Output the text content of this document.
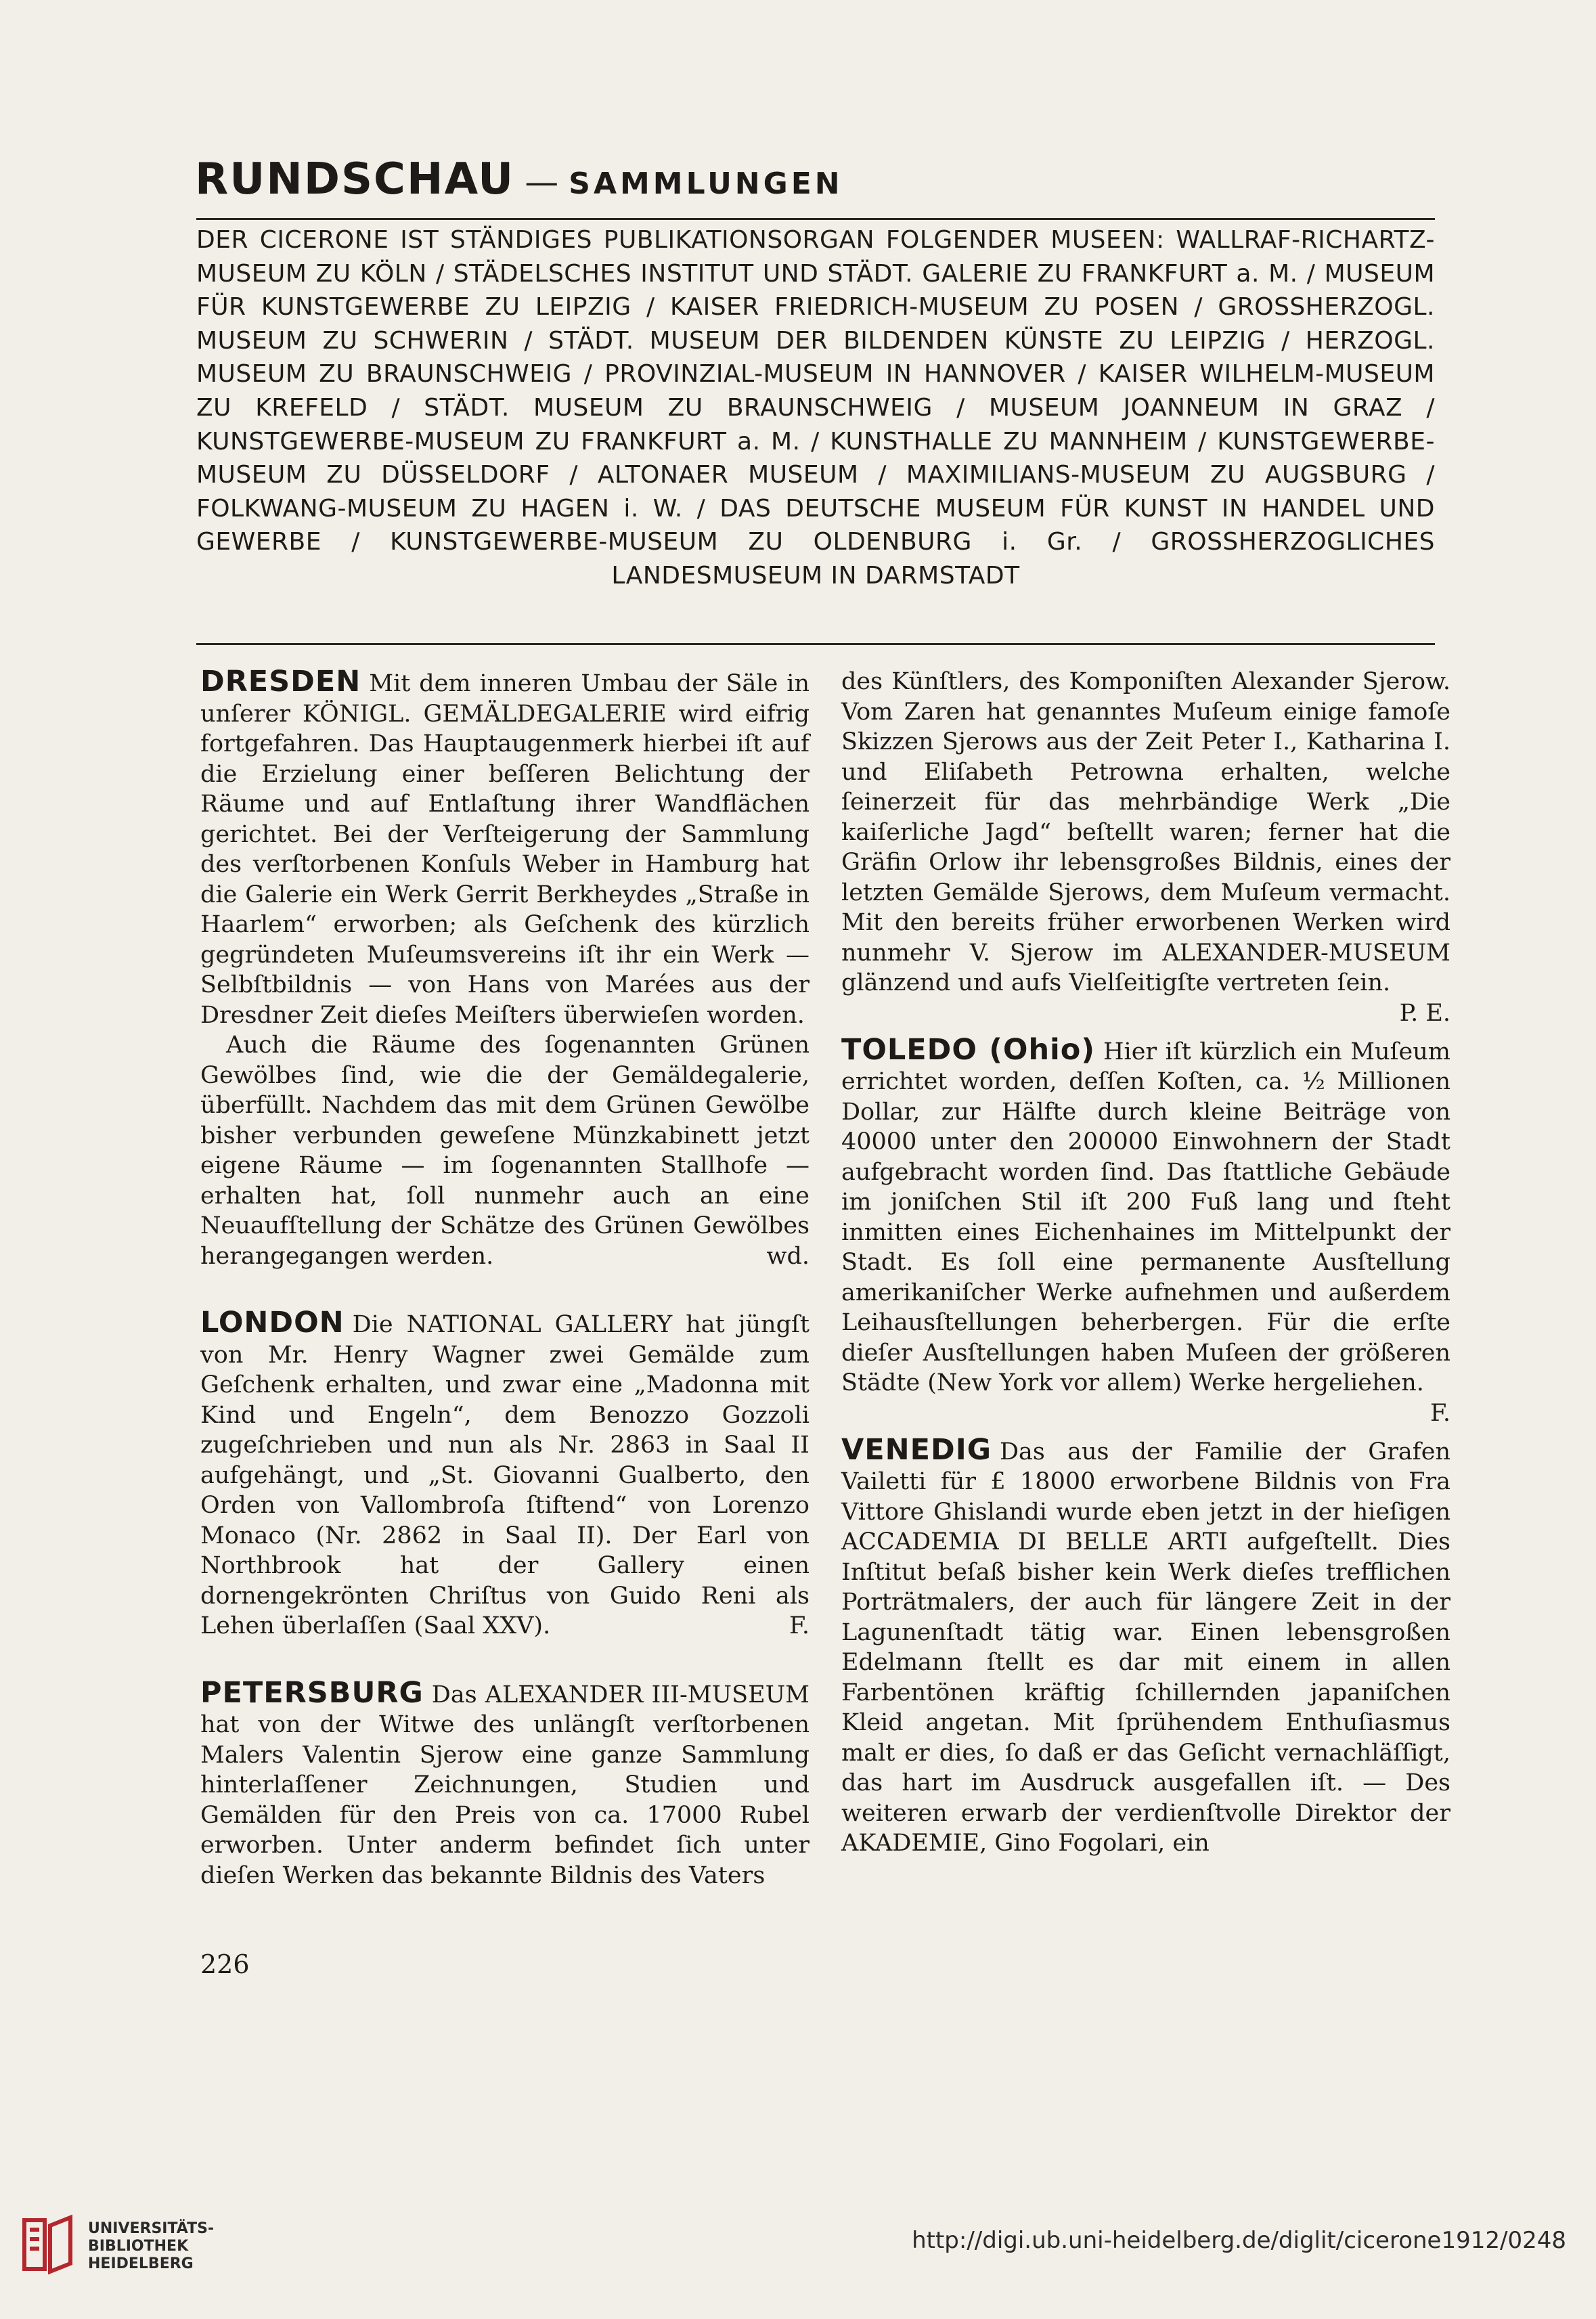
RUNDSCHAU — SAMMLUNGEN
DER CICERONE IST STÄNDIGES PUBLIKATIONSORGAN FOLGENDER MUSEEN: WALLRAF-RICHARTZ-MUSEUM ZU KÖLN / STÄDELSCHES INSTITUT UND STÄDT. GALERIE ZU FRANKFURT a. M. / MUSEUM FÜR KUNSTGEWERBE ZU LEIPZIG / KAISER FRIEDRICH-MUSEUM ZU POSEN / GROSSHERZOGL. MUSEUM ZU SCHWERIN / STÄDT. MUSEUM DER BILDENDEN KÜNSTE ZU LEIPZIG / HERZOGL. MUSEUM ZU BRAUNSCHWEIG / PROVINZIAL-MUSEUM IN HANNOVER / KAISER WILHELM-MUSEUM ZU KREFELD / STÄDT. MUSEUM ZU BRAUNSCHWEIG / MUSEUM JOANNEUM IN GRAZ / KUNSTGEWERBE-MUSEUM ZU FRANKFURT a. M. / KUNSTHALLE ZU MANNHEIM / KUNSTGEWERBE-MUSEUM ZU DÜSSELDORF / ALTONAER MUSEUM / MAXIMILIANS-MUSEUM ZU AUGSBURG / FOLKWANG-MUSEUM ZU HAGEN i. W. / DAS DEUTSCHE MUSEUM FÜR KUNST IN HANDEL UND GEWERBE / KUNSTGEWERBE-MUSEUM ZU OLDENBURG i. Gr. / GROSSHERZOGLICHES LANDESMUSEUM IN DARMSTADT

DRESDEN Mit dem inneren Umbau der Säle in unſerer KÖNIGL. GEMÄLDEGALERIE wird eifrig fortgefahren. Das Hauptaugenmerk hierbei iſt auf die Erzielung einer beſſeren Belichtung der Räume und auf Entlaſtung ihrer Wandflächen gerichtet. Bei der Verſteigerung der Sammlung des verſtorbenen Konſuls Weber in Hamburg hat die Galerie ein Werk Gerrit Berkheydes „Straße in Haarlem“ erworben; als Geſchenk des kürzlich gegründeten Muſeumsvereins iſt ihr ein Werk — Selbſtbildnis — von Hans von Marées aus der Dresdner Zeit dieſes Meiſters überwieſen worden.

Auch die Räume des ſogenannten Grünen Gewölbes ſind, wie die der Gemäldegalerie, überfüllt. Nachdem das mit dem Grünen Gewölbe bisher verbunden geweſene Münzkabinett jetzt eigene Räume — im ſogenannten Stallhofe — erhalten hat, ſoll nunmehr auch an eine Neuaufſtellung der Schätze des Grünen Gewölbes herangegangen werden.	wd.

LONDON Die NATIONAL GALLERY hat jüngſt von Mr. Henry Wagner zwei Gemälde zum Geſchenk erhalten, und zwar eine „Madonna mit Kind und Engeln“, dem Benozzo Gozzoli zugeſchrieben und nun als Nr. 2863 in Saal II aufgehängt, und „St. Giovanni Gualberto, den Orden von Vallombroſa ſtiftend“ von Lorenzo Monaco (Nr. 2862 in Saal II). Der Earl von Northbrook hat der Gallery einen dornengekrönten Chriſtus von Guido Reni als Lehen überlaſſen (Saal XXV).	F.

PETERSBURG Das ALEXANDER III-MUSEUM hat von der Witwe des unlängſt verſtorbenen Malers Valentin Sjerow eine ganze Sammlung hinterlaſſener Zeichnungen, Studien und Gemälden für den Preis von ca. 17000 Rubel erworben. Unter anderm befindet ſich unter dieſen Werken das bekannte Bildnis des Vaters

des Künſtlers, des Komponiſten Alexander Sjerow. Vom Zaren hat genanntes Muſeum einige famoſe Skizzen Sjerows aus der Zeit Peter I., Katharina I. und Eliſabeth Petrowna erhalten, welche ſeinerzeit für das mehrbändige Werk „Die kaiſerliche Jagd“ beſtellt waren; ferner hat die Gräfin Orlow ihr lebensgroßes Bildnis, eines der letzten Gemälde Sjerows, dem Muſeum vermacht. Mit den bereits früher erworbenen Werken wird nunmehr V. Sjerow im ALEXANDER-MUSEUM glänzend und aufs Vielſeitigſte vertreten ſein.
P. E.

TOLEDO (Ohio) Hier iſt kürzlich ein Muſeum errichtet worden, deſſen Koſten, ca. ½ Millionen Dollar, zur Hälfte durch kleine Beiträge von 40000 unter den 200000 Einwohnern der Stadt aufgebracht worden ſind. Das ſtattliche Gebäude im joniſchen Stil iſt 200 Fuß lang und ſteht inmitten eines Eichenhaines im Mittelpunkt der Stadt. Es ſoll eine permanente Ausſtellung amerikaniſcher Werke aufnehmen und außerdem Leihausſtellungen beherbergen. Für die erſte dieſer Ausſtellungen haben Muſeen der größeren Städte (New York vor allem) Werke hergeliehen.
F.

VENEDIG Das aus der Familie der Grafen Vailetti für £ 18000 erworbene Bildnis von Fra Vittore Ghislandi wurde eben jetzt in der hieſigen ACCADEMIA DI BELLE ARTI aufgeſtellt. Dies Inſtitut beſaß bisher kein Werk dieſes trefflichen Porträtmalers, der auch für längere Zeit in der Lagunenſtadt tätig war. Einen lebensgroßen Edelmann ſtellt es dar mit einem in allen Farbentönen kräftig ſchillernden japaniſchen Kleid angetan. Mit ſprühendem Enthuſiasmus malt er dies, ſo daß er das Geſicht vernachläſſigt, das hart im Ausdruck ausgefallen iſt. — Des weiteren erwarb der verdienſtvolle Direktor der AKADEMIE, Gino Fogolari, ein

226
UNIVERSITÄTS-
BIBLIOTHEK
HEIDELBERG
http://digi.ub.uni-heidelberg.de/diglit/cicerone1912/0248
